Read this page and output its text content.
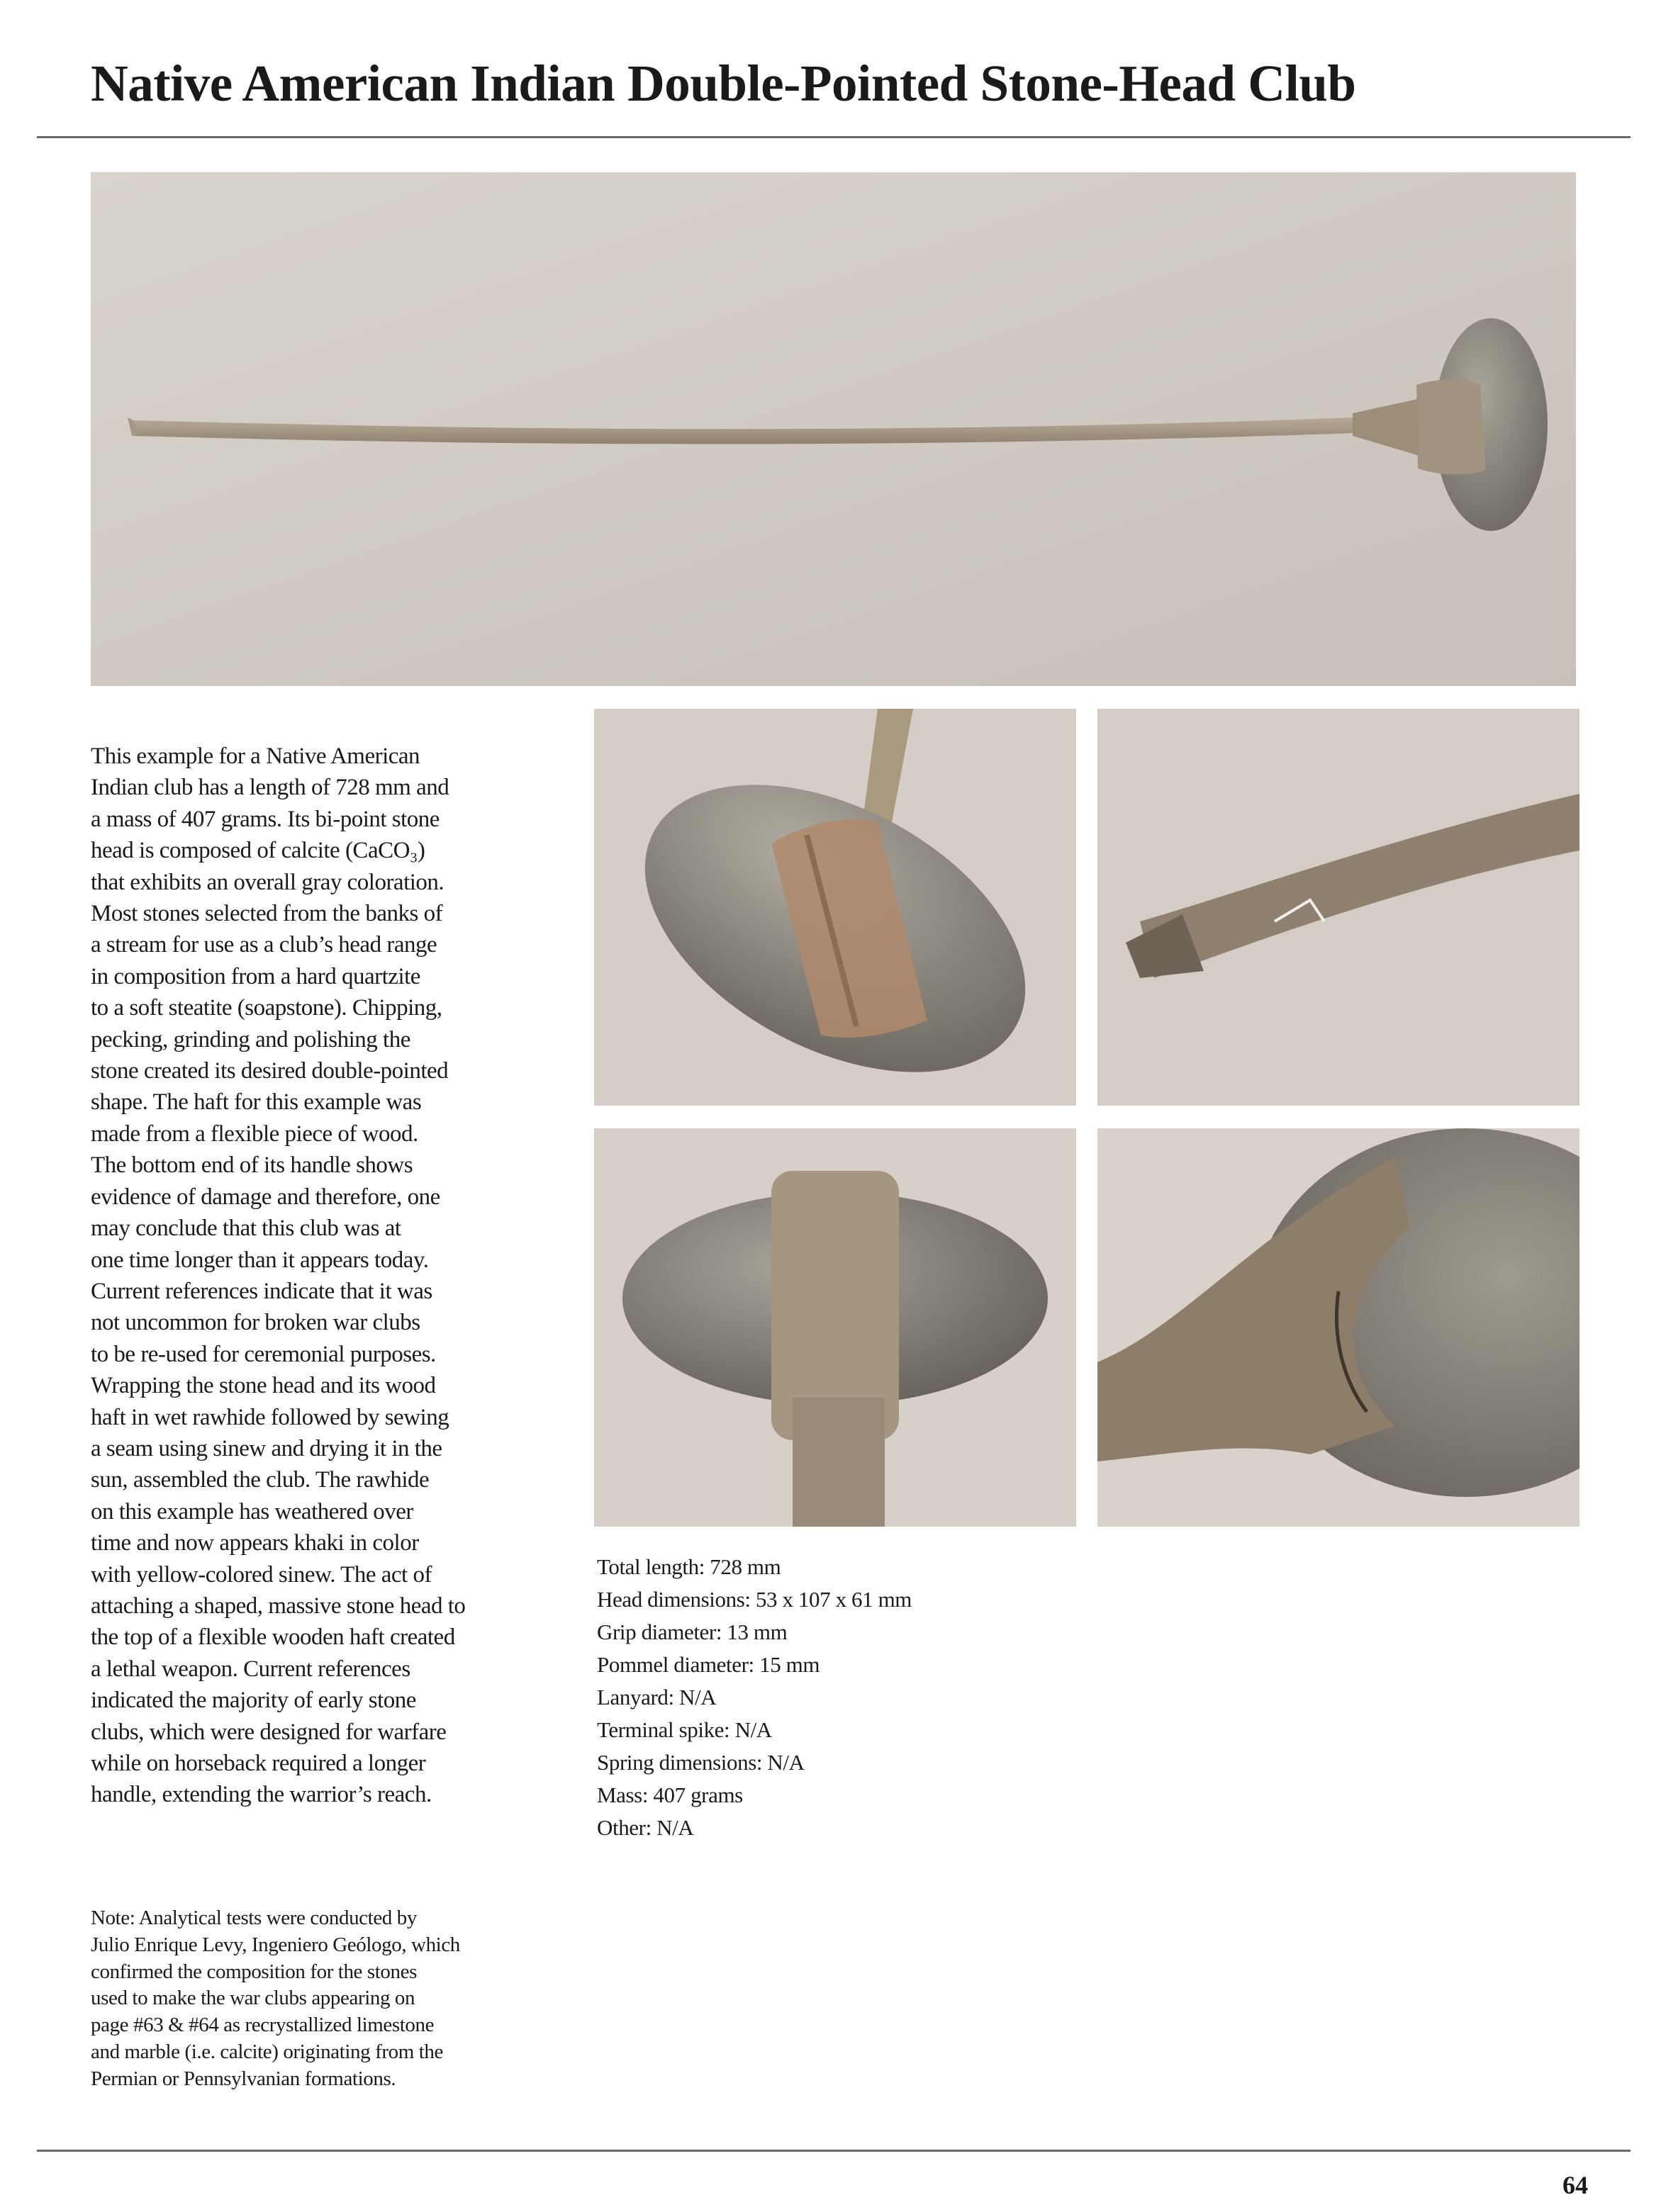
Native American Indian Double-Pointed Stone-Head Club
This example for a Native American
Indian club has a length of 728 mm and
a mass of 407 grams. Its bi-point stone
head is composed of calcite (CaCO₃)
that exhibits an overall gray coloration.
Most stones selected from the banks of
a stream for use as a club’s head range
in composition from a hard quartzite
to a soft steatite (soapstone). Chipping,
pecking, grinding and polishing the
stone created its desired double-pointed
shape. The haft for this example was
made from a flexible piece of wood.
The bottom end of its handle shows
evidence of damage and therefore, one
may conclude that this club was at
one time longer than it appears today.
Current references indicate that it was
not uncommon for broken war clubs
to be re-used for ceremonial purposes.
Wrapping the stone head and its wood
haft in wet rawhide followed by sewing
a seam using sinew and drying it in the
sun, assembled the club. The rawhide
on this example has weathered over
time and now appears khaki in color
with yellow-colored sinew. The act of
attaching a shaped, massive stone head to
the top of a flexible wooden haft created
a lethal weapon. Current references
indicated the majority of early stone
clubs, which were designed for warfare
while on horseback required a longer
handle, extending the warrior’s reach.
Note: Analytical tests were conducted by
Julio Enrique Levy, Ingeniero Geólogo, which
confirmed the composition for the stones
used to make the war clubs appearing on
page #63 & #64 as recrystallized limestone
and marble (i.e. calcite) originating from the
Permian or Pennsylvanian formations.
Total length: 728 mm
Head dimensions: 53 x 107 x 61 mm
Grip diameter: 13 mm
Pommel diameter: 15 mm
Lanyard: N/A
Terminal spike: N/A
Spring dimensions: N/A
Mass: 407 grams
Other: N/A
64
